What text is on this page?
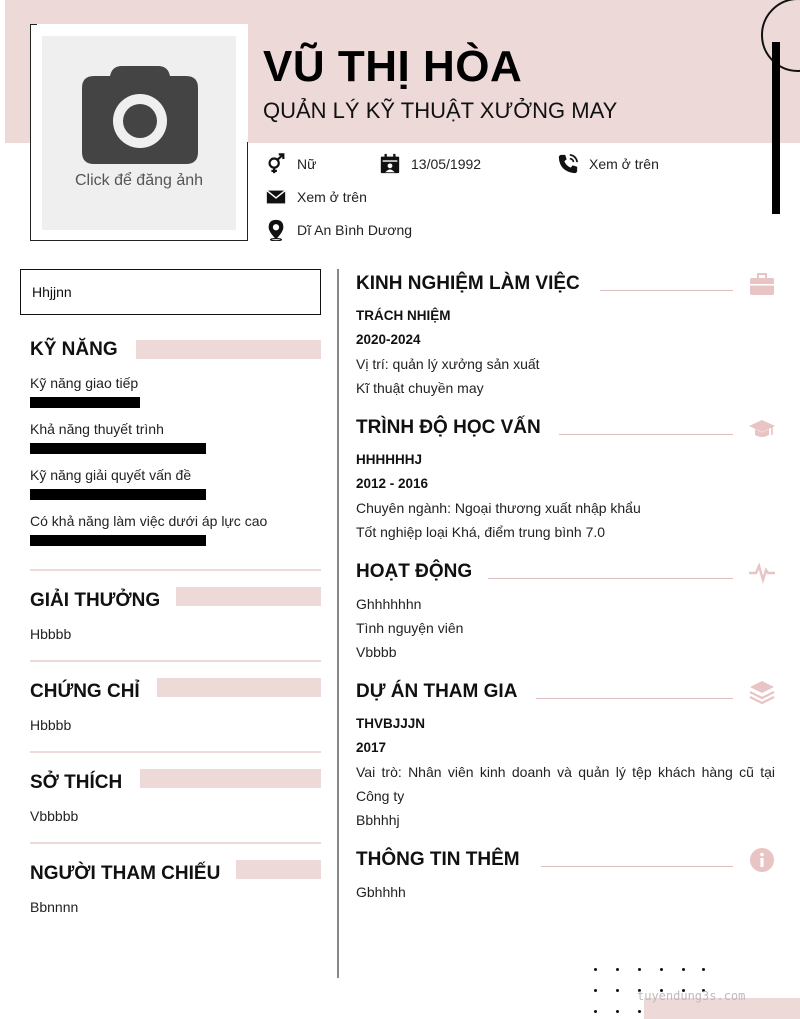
Click để đăng ảnh
VŨ THỊ HÒA
QUẢN LÝ KỸ THUẬT XƯỞNG MAY
Nữ	13/05/1992	Xem ở trên
Xem ở trên
Dĩ An Bình Dương
Hhjjnn
KỸ NĂNG
Kỹ năng giao tiếp
Khả năng thuyết trình
Kỹ năng giải quyết vấn đề
Có khả năng làm việc dưới áp lực cao
GIẢI THƯỞNG
Hbbbb
CHỨNG CHỈ
Hbbbb
SỞ THÍCH
Vbbbbb
NGƯỜI THAM CHIẾU
Bbnnnn
KINH NGHIỆM LÀM VIỆC
TRÁCH NHIỆM
2020-2024
Vị trí: quản lý xưởng sản xuất
Kĩ thuật chuyền may
TRÌNH ĐỘ HỌC VẤN
HHHHHHJ
2012 - 2016
Chuyên ngành: Ngoại thương xuất nhập khẩu
Tốt nghiệp loại Khá, điểm trung bình 7.0
HOẠT ĐỘNG
Ghhhhhhn
Tình nguyện viên
Vbbbb
DỰ ÁN THAM GIA
THVBJJJN
2017
Vai trò: Nhân viên kinh doanh và quản lý tệp khách hàng cũ tại Công ty
Bbhhhj
THÔNG TIN THÊM
Gbhhhh
tuyendung3s.com
